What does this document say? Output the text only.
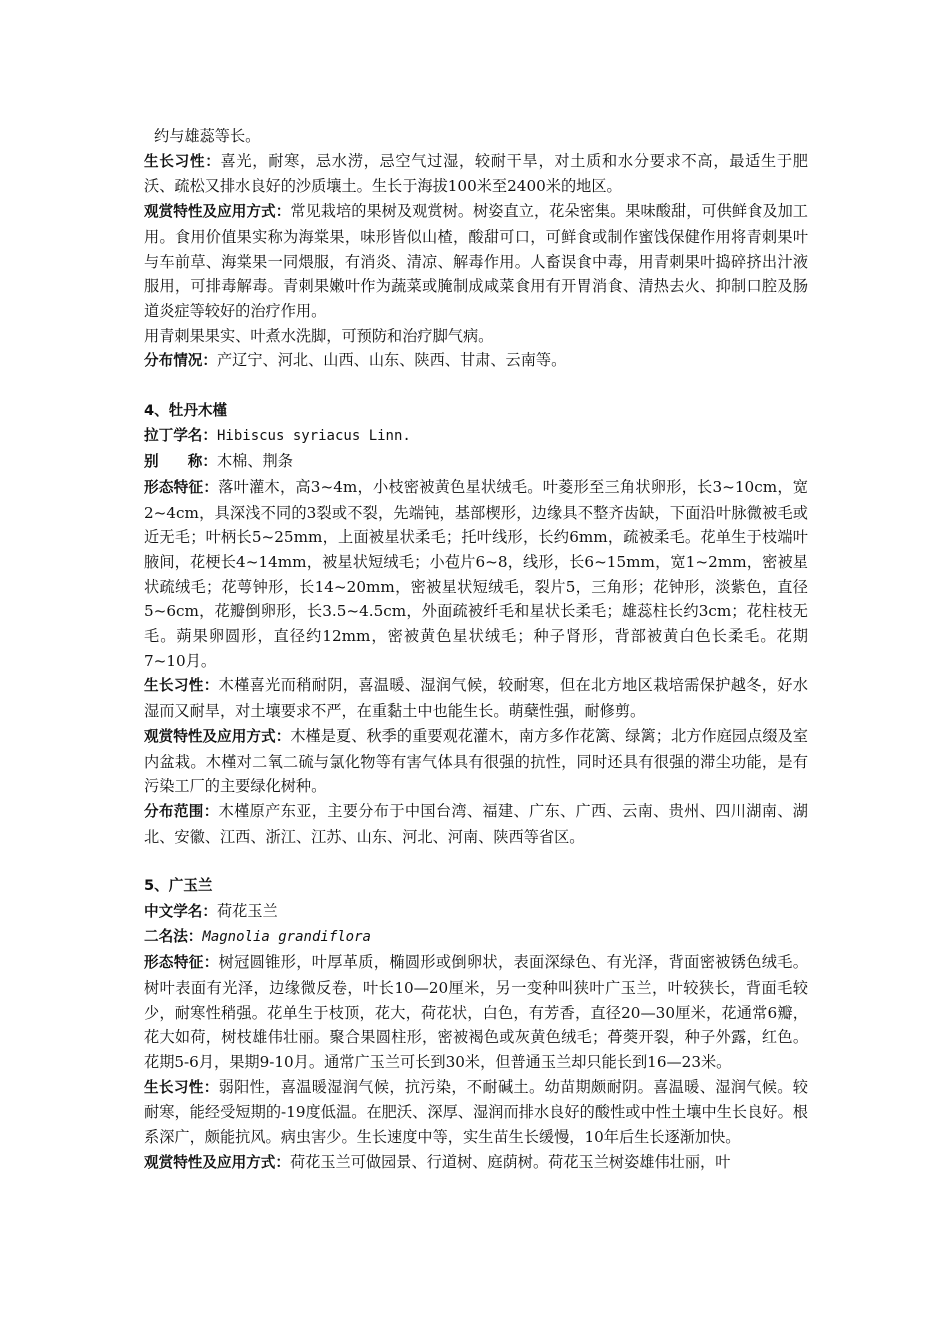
约与雄蕊等长。

生长习性：喜光，耐寒，忌水涝，忌空气过湿，较耐干旱，对土质和水分要求不高，最适生于肥沃、疏松又排水良好的沙质壤土。生长于海拔100米至2400米的地区。

观赏特性及应用方式：常见栽培的果树及观赏树。树姿直立，花朵密集。果味酸甜，可供鲜食及加工用。食用价值果实称为海棠果，味形皆似山楂，酸甜可口，可鲜食或制作蜜饯保健作用将青刺果叶与车前草、海棠果一同煨服，有消炎、清凉、解毒作用。人畜误食中毒，用青刺果叶捣碎挤出汁液服用，可排毒解毒。青刺果嫩叶作为蔬菜或腌制成咸菜食用有开胃消食、清热去火、抑制口腔及肠道炎症等较好的治疗作用。

用青刺果果实、叶煮水洗脚，可预防和治疗脚气病。

分布情况：产辽宁、河北、山西、山东、陕西、甘肃、云南等。

4、牡丹木槿

拉丁学名：Hibiscus syriacus Linn.

别　　称：木棉、荆条

形态特征：落叶灌木，高3~4m，小枝密被黄色星状绒毛。叶菱形至三角状卵形，长3~10cm，宽2~4cm，具深浅不同的3裂或不裂，先端钝，基部楔形，边缘具不整齐齿缺，下面沿叶脉微被毛或近无毛；叶柄长5~25mm，上面被星状柔毛；托叶线形，长约6mm，疏被柔毛。花单生于枝端叶腋间，花梗长4~14mm，被星状短绒毛；小苞片6~8，线形，长6~15mm，宽1~2mm，密被星状疏绒毛；花萼钟形，长14~20mm，密被星状短绒毛，裂片5，三角形；花钟形，淡紫色，直径5~6cm，花瓣倒卵形，长3.5~4.5cm，外面疏被纤毛和星状长柔毛；雄蕊柱长约3cm；花柱枝无毛。蒴果卵圆形，直径约12mm，密被黄色星状绒毛；种子肾形，背部被黄白色长柔毛。花期7~10月。

生长习性：木槿喜光而稍耐阴，喜温暖、湿润气候，较耐寒，但在北方地区栽培需保护越冬，好水湿而又耐旱，对土壤要求不严，在重黏土中也能生长。萌蘖性强，耐修剪。

观赏特性及应用方式：木槿是夏、秋季的重要观花灌木，南方多作花篱、绿篱；北方作庭园点缀及室内盆栽。木槿对二氧二硫与氯化物等有害气体具有很强的抗性，同时还具有很强的滞尘功能，是有污染工厂的主要绿化树种。

分布范围：木槿原产东亚，主要分布于中国台湾、福建、广东、广西、云南、贵州、四川湖南、湖北、安徽、江西、浙江、江苏、山东、河北、河南、陕西等省区。

5、广玉兰

中文学名：荷花玉兰

二名法：Magnolia grandiflora

形态特征：树冠圆锥形，叶厚革质，椭圆形或倒卵状，表面深绿色、有光泽，背面密被锈色绒毛。树叶表面有光泽，边缘微反卷，叶长10—20厘米，另一变种叫狭叶广玉兰，叶较狭长，背面毛较少，耐寒性稍强。花单生于枝顶，花大，荷花状，白色，有芳香，直径20—30厘米，花通常6瓣，花大如荷，树枝雄伟壮丽。聚合果圆柱形，密被褐色或灰黄色绒毛；蓇葖开裂，种子外露，红色。花期5-6月，果期9-10月。通常广玉兰可长到30米，但普通玉兰却只能长到16—23米。

生长习性：弱阳性，喜温暖湿润气候，抗污染，不耐碱土。幼苗期颇耐阴。喜温暖、湿润气候。较耐寒，能经受短期的-19度低温。在肥沃、深厚、湿润而排水良好的酸性或中性土壤中生长良好。根系深广，颇能抗风。病虫害少。生长速度中等，实生苗生长缓慢，10年后生长逐渐加快。

观赏特性及应用方式：荷花玉兰可做园景、行道树、庭荫树。荷花玉兰树姿雄伟壮丽，叶
